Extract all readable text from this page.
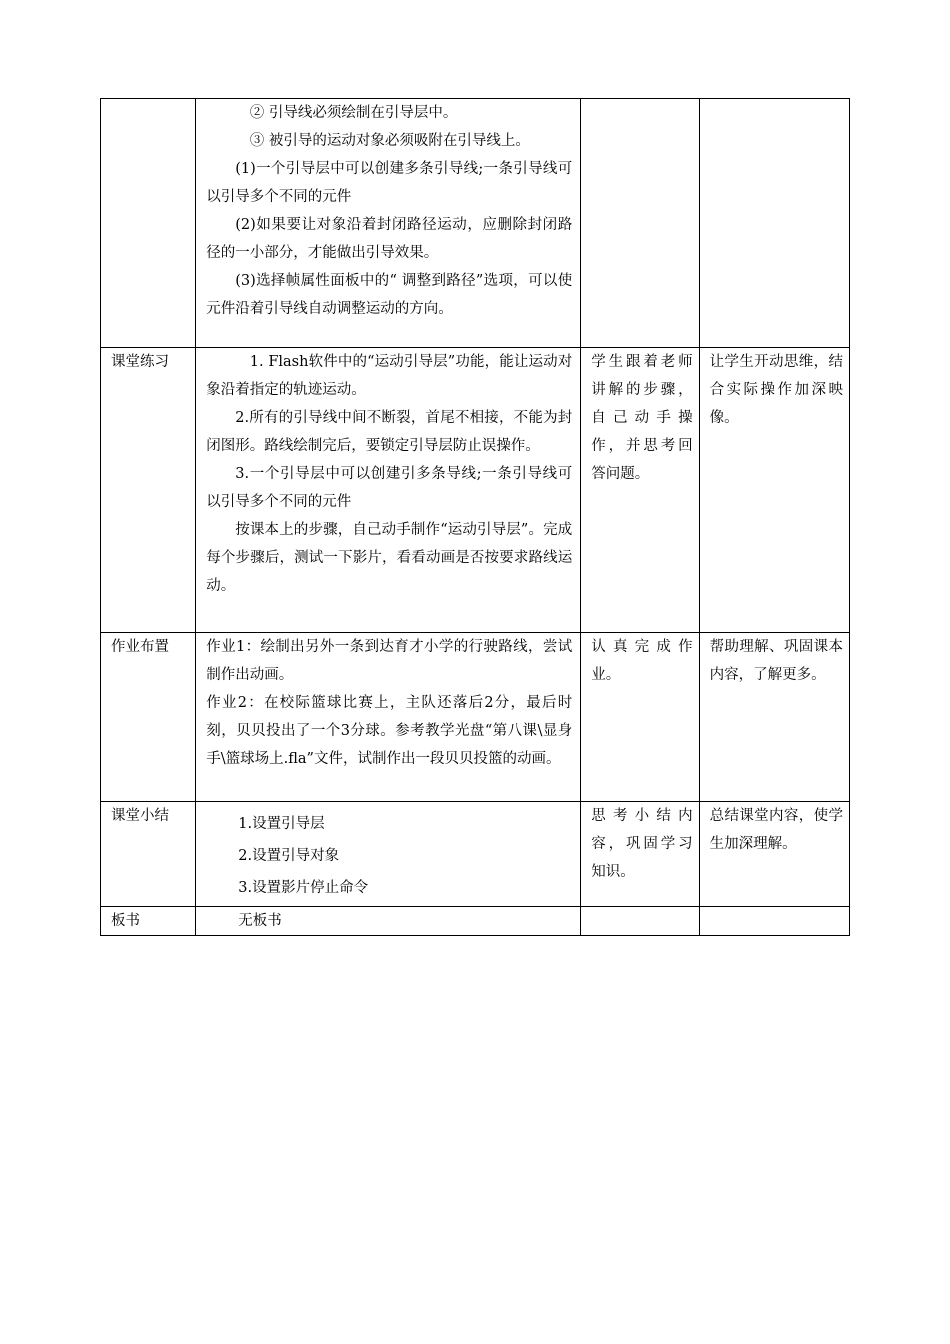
	② 引导线必须绘制在引导层中。

③ 被引导的运动对象必须吸附在引导线上。

(1)一个引导层中可以创建多条引导线;一条引导线可以引导多个不同的元件

(2)如果要让对象沿着封闭路径运动，应删除封闭路径的一小部分，才能做出引导效果。

(3)选择帧属性面板中的“ 调整到路径”选项，可以使元件沿着引导线自动调整运动的方向。		

课堂练习	1. Flash软件中的“运动引导层”功能，能让运动对象沿着指定的轨迹运动。

2.所有的引导线中间不断裂，首尾不相接，不能为封闭图形。路线绘制完后，要锁定引导层防止误操作。

3.一个引导层中可以创建引多条导线;一条引导线可以引导多个不同的元件

按课本上的步骤，自己动手制作“运动引导层”。完成每个步骤后，测试一下影片，看看动画是否按要求路线运动。	学生跟着老师讲解的步骤，自己动手操作，并思考回答问题。	让学生开动思维，结合实际操作加深映像。

作业布置	作业1：绘制出另外一条到达育才小学的行驶路线，尝试制作出动画。

作业2：在校际篮球比赛上，主队还落后2分，最后时刻，贝贝投出了一个3分球。参考教学光盘“第八课\显身手\篮球场上.fla”文件，试制作出一段贝贝投篮的动画。	认真完成作业。	帮助理解、巩固课本内容，了解更多。

课堂小结	1.设置引导层

2.设置引导对象

3.设置影片停止命令	思考小结内容，巩固学习知识。	总结课堂内容，使学生加深理解。

板书	无板书		
